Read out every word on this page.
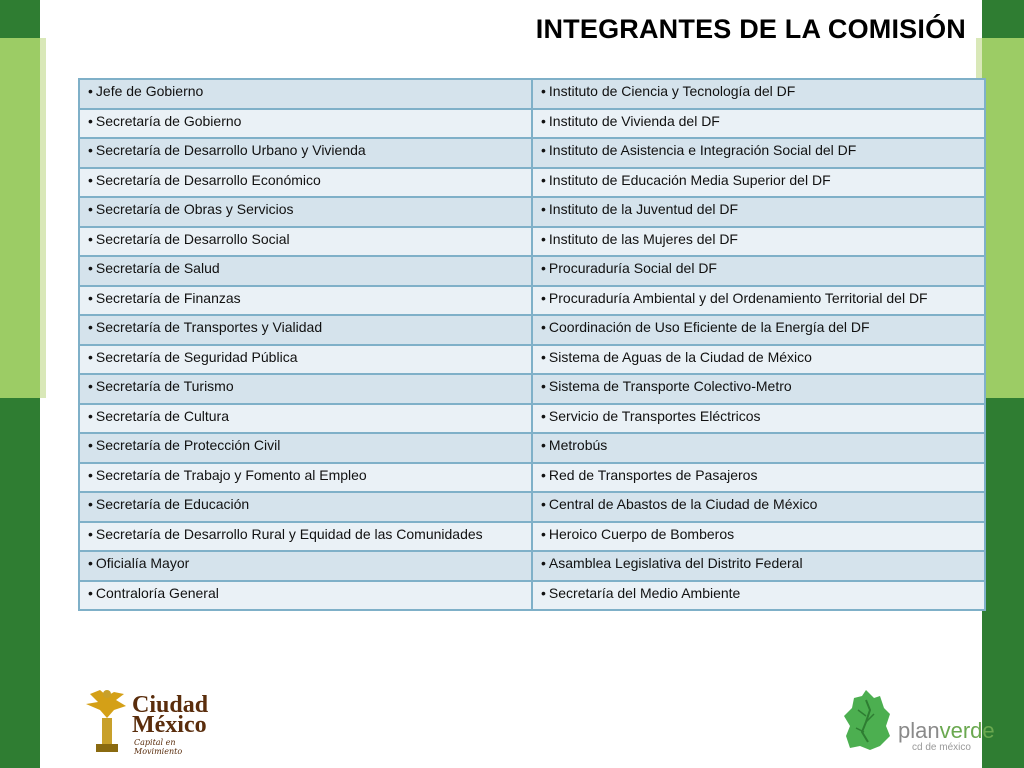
INTEGRANTES DE LA COMISIÓN
• Jefe de Gobierno	• Instituto de Ciencia y Tecnología del DF
• Secretaría de Gobierno	• Instituto de Vivienda del DF
• Secretaría de Desarrollo Urbano y Vivienda	• Instituto de Asistencia e Integración Social del DF
• Secretaría de Desarrollo Económico	• Instituto de Educación Media Superior del DF
• Secretaría de Obras y Servicios	• Instituto de la Juventud del DF
• Secretaría de Desarrollo Social	• Instituto de las Mujeres del DF
• Secretaría de Salud	• Procuraduría Social del DF
• Secretaría de Finanzas	• Procuraduría Ambiental y del Ordenamiento Territorial del DF
• Secretaría de Transportes y Vialidad	• Coordinación de Uso Eficiente de la Energía del DF
• Secretaría de Seguridad Pública	• Sistema de Aguas de la Ciudad de México
• Secretaría de Turismo	• Sistema de Transporte Colectivo-Metro
• Secretaría de Cultura	• Servicio de Transportes Eléctricos
• Secretaría de Protección Civil	• Metrobús
• Secretaría de Trabajo y Fomento al Empleo	• Red de Transportes de Pasajeros
• Secretaría de Educación	• Central de Abastos de la Ciudad de México
• Secretaría de Desarrollo Rural y Equidad de las Comunidades	• Heroico Cuerpo de Bomberos
• Oficialía Mayor	• Asamblea Legislativa del Distrito Federal
• Contraloría General	• Secretaría del Medio Ambiente
Ciudad
México
Capital en Movimiento
planverde
cd de méxico
